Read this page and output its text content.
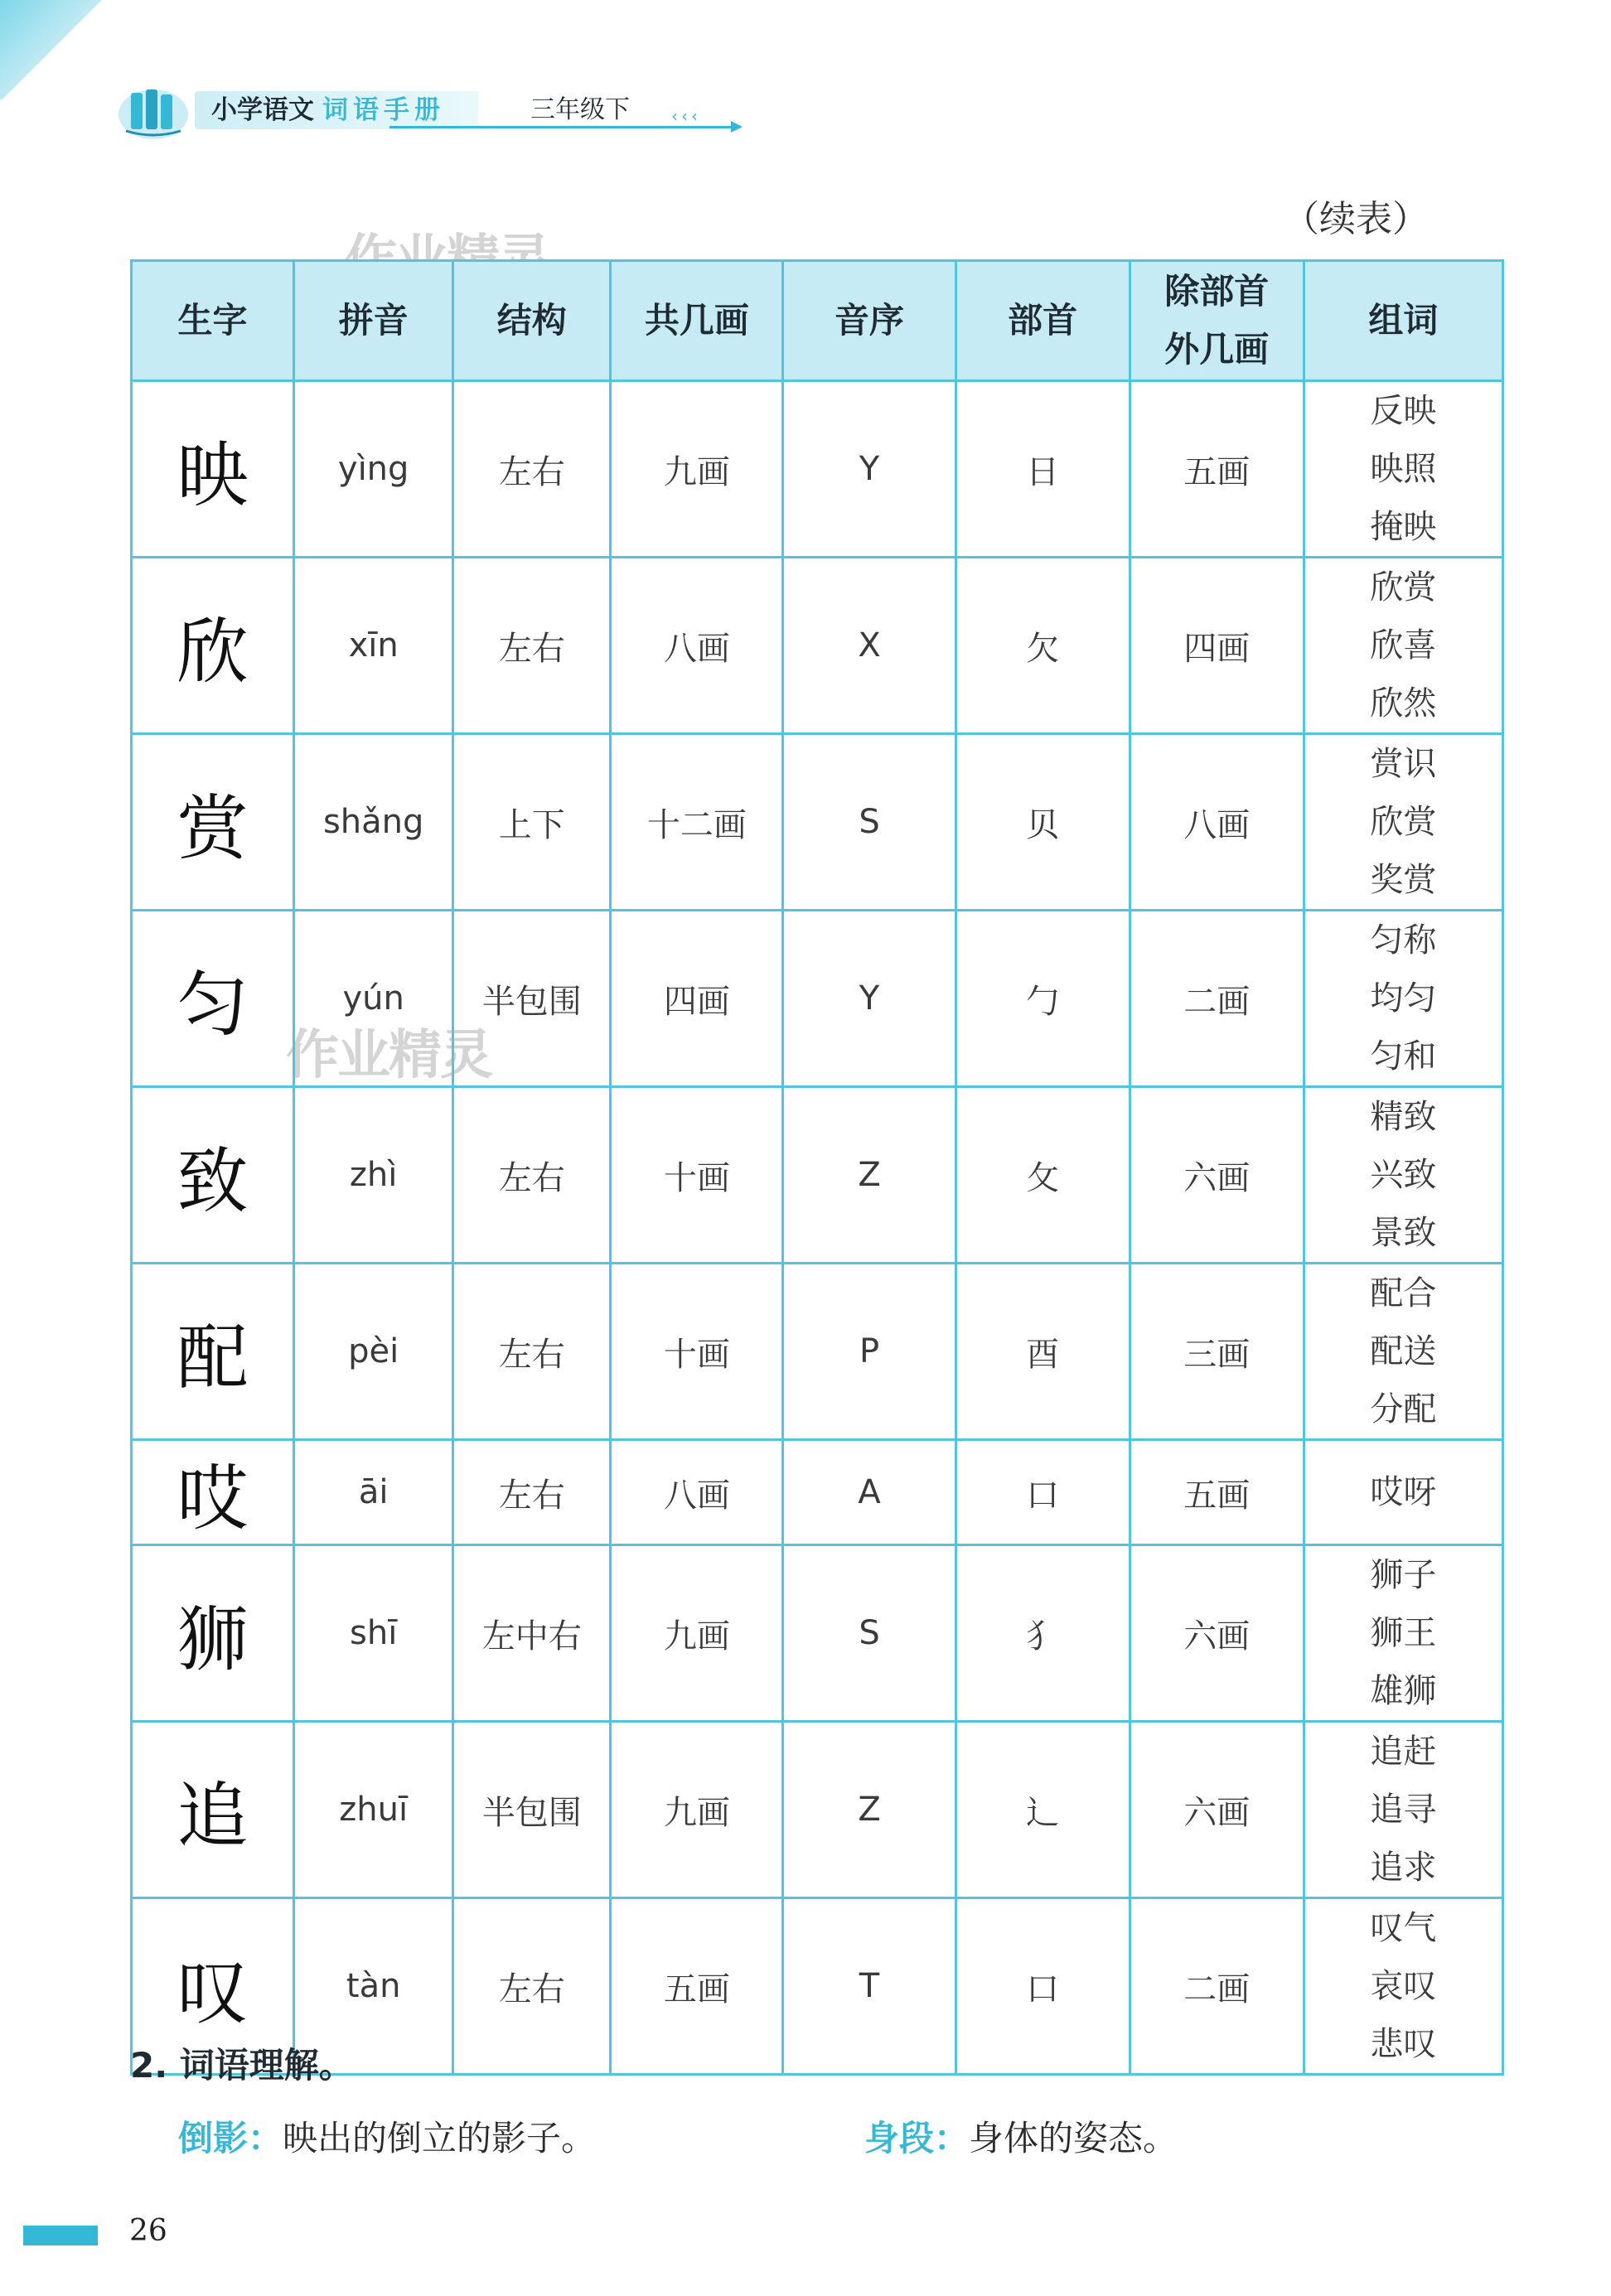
小学语文 词语手册	三年级下	‹‹‹
（续表）
作业精灵
生字	拼音	结构	共几画	音序	部首	除部首外几画	组词
映	yìng	左右	九画	Y	日	五画	反映
映照
掩映

欣	xīn	左右	八画	X	欠	四画	欣赏
欣喜
欣然

赏	shǎng	上下	十二画	S	贝	八画	赏识
欣赏
奖赏

匀	yún	半包围	四画	Y	勹	二画	匀称
均匀
匀和

致	zhì	左右	十画	Z	攵	六画	精致
兴致
景致

配	pèi	左右	十画	P	酉	三画	配合
配送
分配

哎	āi	左右	八画	A	口	五画	哎呀

狮	shī	左中右	九画	S	犭	六画	狮子
狮王
雄狮

追	zhuī	半包围	九画	Z	辶	六画	追赶
追寻
追求

叹	tàn	左右	五画	T	口	二画	叹气
哀叹
悲叹
2. 词语理解。
倒影：映出的倒立的影子。	身段：身体的姿态。
26
